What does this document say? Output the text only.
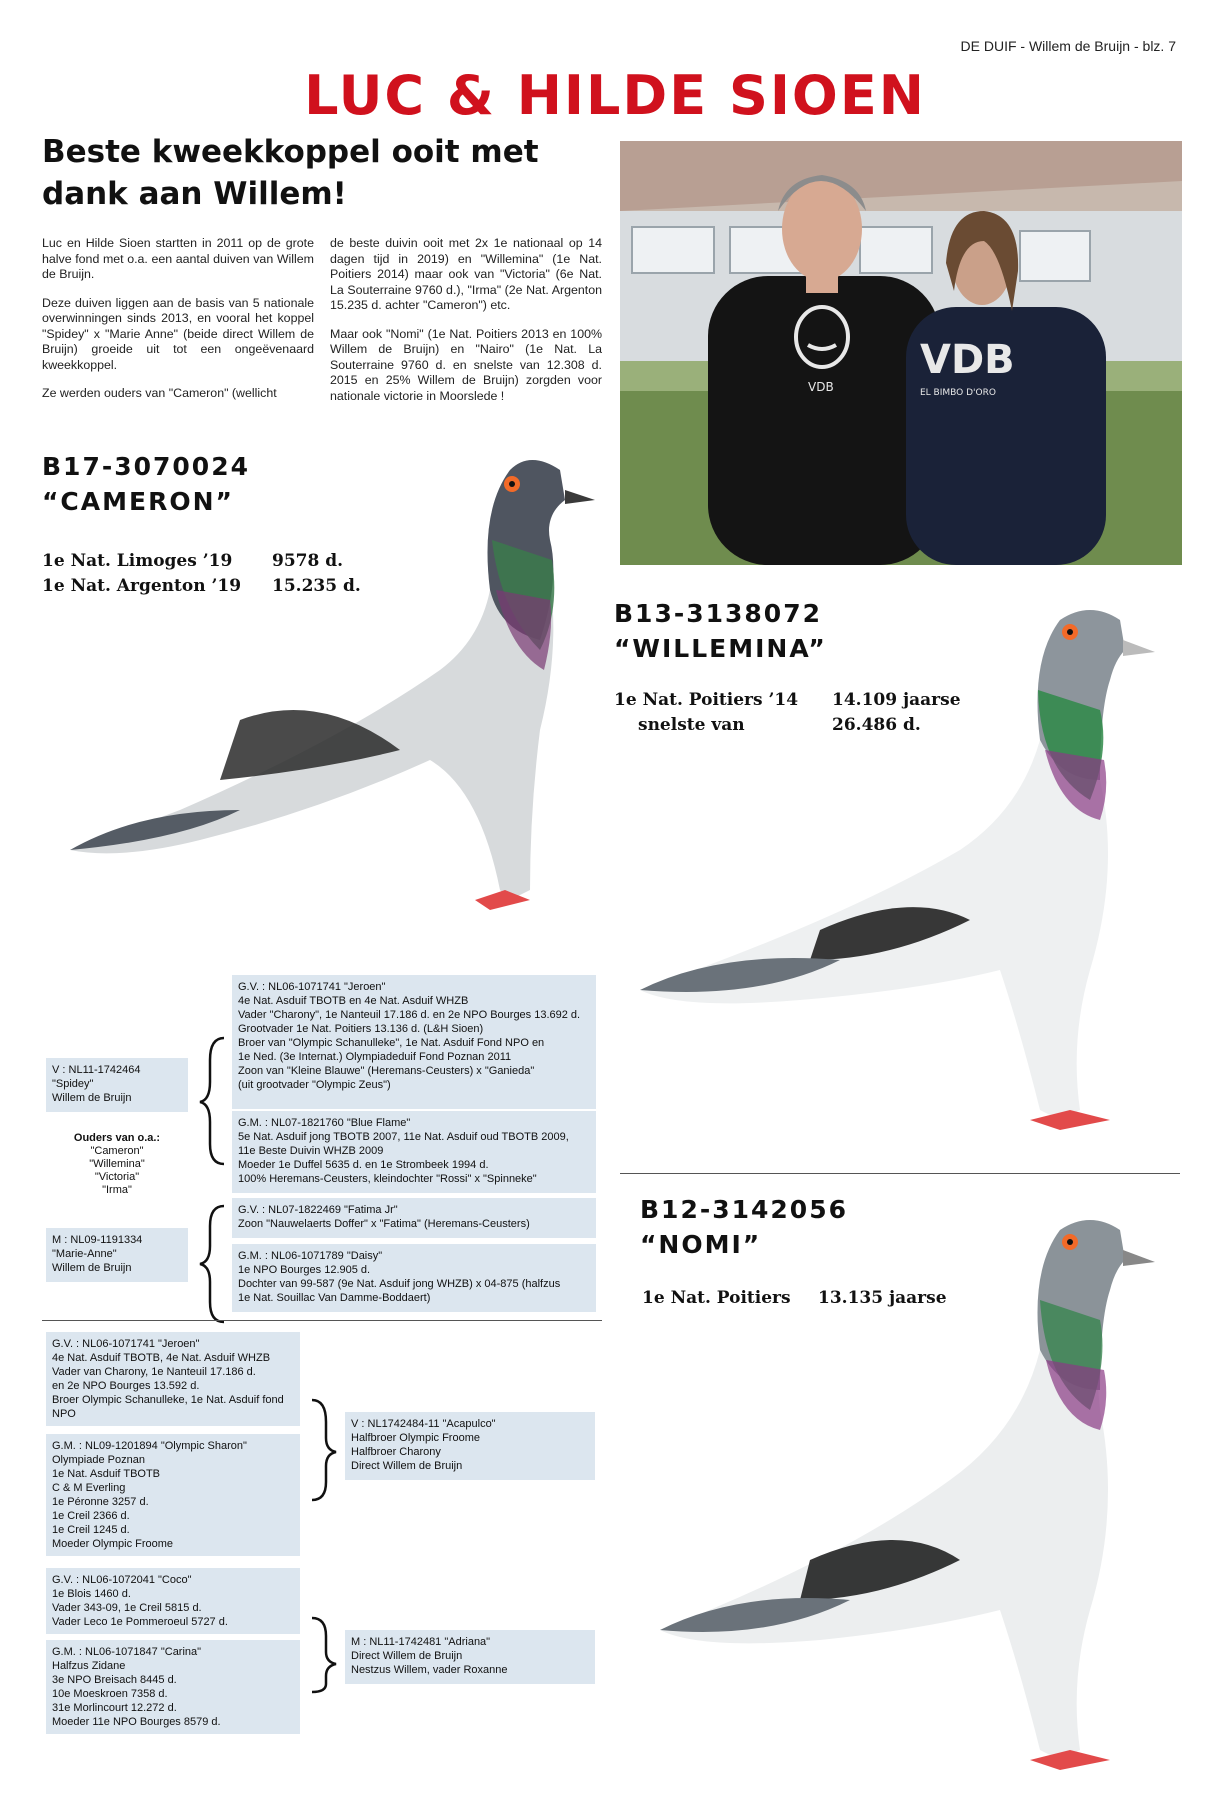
DE DUIF - Willem de Bruijn - blz. 7
LUC & HILDE SIOEN
Beste kweekkoppel ooit met dank aan Willem!

Luc en Hilde Sioen startten in 2011 op de grote halve fond met o.a. een aantal duiven van Willem de Bruijn.

Deze duiven liggen aan de basis van 5 nationale overwinningen sinds 2013, en vooral het koppel "Spidey" x "Marie Anne" (beide direct Willem de Bruijn) groeide uit tot een ongeëvenaard kweekkoppel.

Ze werden ouders van "Cameron" (wellicht

de beste duivin ooit met 2x 1e nationaal op 14 dagen tijd in 2019) en "Willemina" (1e Nat. Poitiers 2014) maar ook van "Victoria" (6e Nat. La Souterraine 9760 d.), "Irma" (2e Nat. Argenton 15.235 d. achter "Cameron") etc.

Maar ook "Nomi" (1e Nat. Poitiers 2013 en 100% Willem de Bruijn) en "Nairo" (1e Nat. La Souterraine 9760 d. en snelste van 12.308 d. 2015 en 25% Willem de Bruijn) zorgden voor nationale victorie in Moorslede !

VDB
VDB
EL BIMBO D'ORO
B17-3070024
“CAMERON”
1e Nat. Limoges ’19	9578 d.
1e Nat. Argenton ’19	15.235 d.
B13-3138072
“WILLEMINA”
1e Nat. Poitiers ’14	14.109 jaarse
snelste van	26.486 d.
B12-3142056
“NOMI”
1e Nat. Poitiers	13.135 jaarse
G.V. : NL06-1071741 "Jeroen"
4e Nat. Asduif TBOTB en 4e Nat. Asduif WHZB
Vader "Charony", 1e Nanteuil 17.186 d. en 2e NPO Bourges 13.692 d.
Grootvader 1e Nat. Poitiers 13.136 d. (L&H Sioen)
Broer van "Olympic Schanulleke", 1e Nat. Asduif Fond NPO en
1e Ned. (3e Internat.) Olympiadeduif Fond Poznan 2011
Zoon van "Kleine Blauwe" (Heremans-Ceusters) x "Ganieda"
(uit grootvader "Olympic Zeus")
G.M. : NL07-1821760 "Blue Flame"
5e Nat. Asduif jong TBOTB 2007, 11e Nat. Asduif oud TBOTB 2009,
11e Beste Duivin WHZB 2009
Moeder 1e Duffel 5635 d. en 1e Strombeek 1994 d.
100% Heremans-Ceusters, kleindochter "Rossi" x "Spinneke"
G.V. : NL07-1822469 "Fatima Jr"
Zoon "Nauwelaerts Doffer" x "Fatima" (Heremans-Ceusters)
G.M. : NL06-1071789 "Daisy"
1e NPO Bourges 12.905 d.
Dochter van 99-587 (9e Nat. Asduif jong WHZB) x 04-875 (halfzus
1e Nat. Souillac Van Damme-Boddaert)
V : NL11-1742464
"Spidey"
Willem de Bruijn
Ouders van o.a.:
"Cameron"
"Willemina"
"Victoria"
"Irma"
M : NL09-1191334
"Marie-Anne"
Willem de Bruijn
G.V. : NL06-1071741 "Jeroen"
4e Nat. Asduif TBOTB, 4e Nat. Asduif WHZB
Vader van Charony, 1e Nanteuil 17.186 d.
en 2e NPO Bourges 13.592 d.
Broer Olympic Schanulleke, 1e Nat. Asduif fond
NPO
G.M. : NL09-1201894 "Olympic Sharon"
Olympiade Poznan
1e Nat. Asduif TBOTB
C & M Everling
1e Péronne 3257 d.
1e Creil 2366 d.
1e Creil 1245 d.
Moeder Olympic Froome
V : NL1742484-11 "Acapulco"
Halfbroer Olympic Froome
Halfbroer Charony
Direct Willem de Bruijn
G.V. : NL06-1072041 "Coco"
1e Blois 1460 d.
Vader 343-09, 1e Creil 5815 d.
Vader Leco 1e Pommeroeul 5727 d.
G.M. : NL06-1071847 "Carina"
Halfzus Zidane
3e NPO Breisach 8445 d.
10e Moeskroen 7358 d.
31e Morlincourt 12.272 d.
Moeder 11e NPO Bourges 8579 d.
M : NL11-1742481 "Adriana"
Direct Willem de Bruijn
Nestzus Willem, vader Roxanne
